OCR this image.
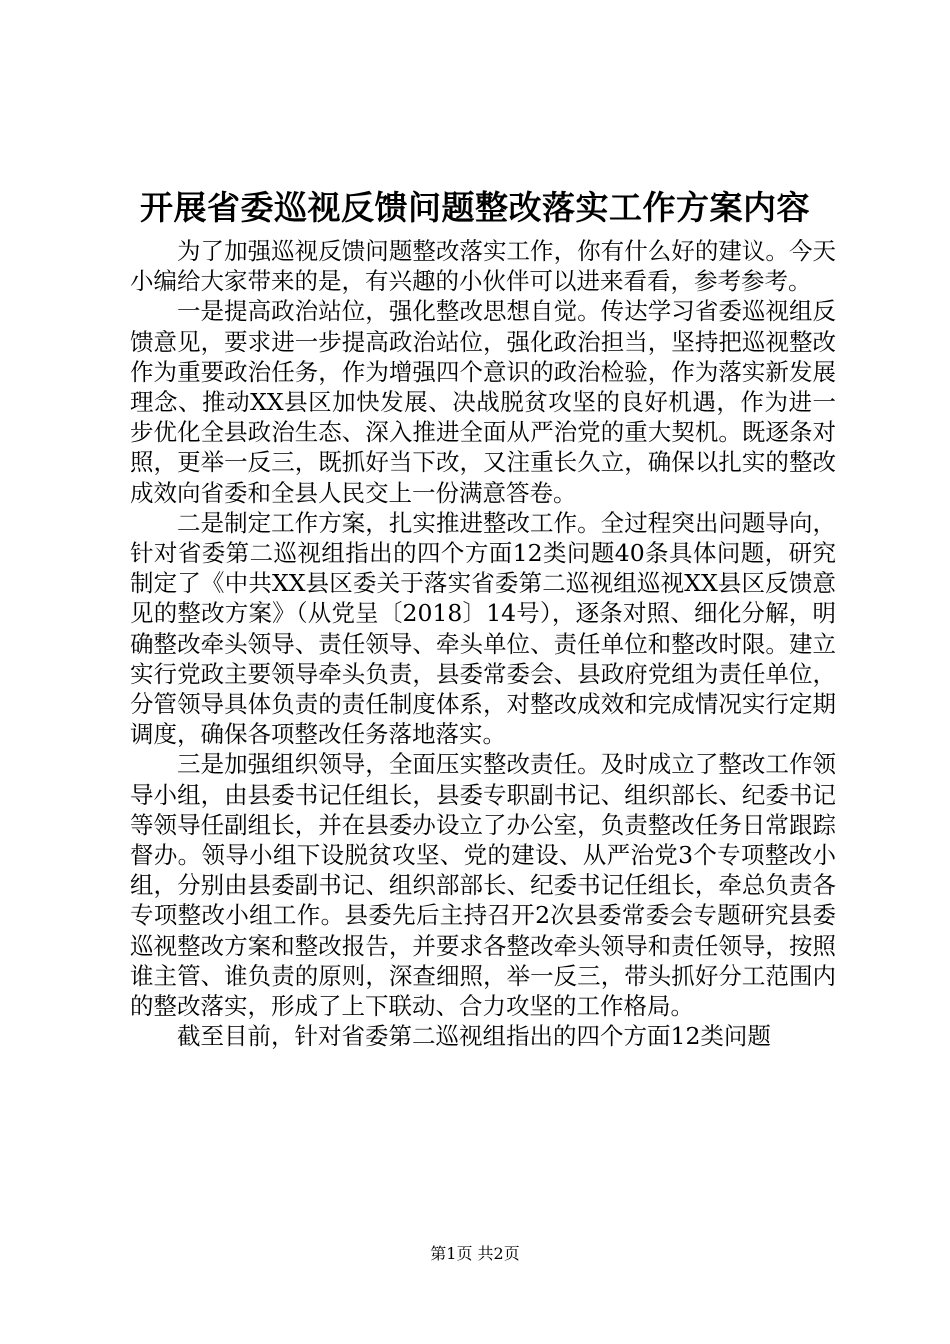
开展省委巡视反馈问题整改落实工作方案内容

为了加强巡视反馈问题整改落实工作，你有什么好的建议。今天小编给大家带来的是，有兴趣的小伙伴可以进来看看，参考参考。

一是提高政治站位，强化整改思想自觉。传达学习省委巡视组反馈意见，要求进一步提高政治站位，强化政治担当，坚持把巡视整改作为重要政治任务，作为增强四个意识的政治检验，作为落实新发展理念、推动XX县区加快发展、决战脱贫攻坚的良好机遇，作为进一步优化全县政治生态、深入推进全面从严治党的重大契机。既逐条对照，更举一反三，既抓好当下改，又注重长久立，确保以扎实的整改成效向省委和全县人民交上一份满意答卷。

二是制定工作方案，扎实推进整改工作。全过程突出问题导向，针对省委第二巡视组指出的四个方面12类问题40条具体问题，研究制定了《中共XX县区委关于落实省委第二巡视组巡视XX县区反馈意见的整改方案》（从党呈〔2018〕14号），逐条对照、细化分解，明确整改牵头领导、责任领导、牵头单位、责任单位和整改时限。建立实行党政主要领导牵头负责，县委常委会、县政府党组为责任单位，分管领导具体负责的责任制度体系，对整改成效和完成情况实行定期调度，确保各项整改任务落地落实。

三是加强组织领导，全面压实整改责任。及时成立了整改工作领导小组，由县委书记任组长，县委专职副书记、组织部长、纪委书记等领导任副组长，并在县委办设立了办公室，负责整改任务日常跟踪督办。领导小组下设脱贫攻坚、党的建设、从严治党3个专项整改小组，分别由县委副书记、组织部部长、纪委书记任组长，牵总负责各专项整改小组工作。县委先后主持召开2次县委常委会专题研究县委巡视整改方案和整改报告，并要求各整改牵头领导和责任领导，按照谁主管、谁负责的原则，深查细照，举一反三，带头抓好分工范围内的整改落实，形成了上下联动、合力攻坚的工作格局。

截至目前，针对省委第二巡视组指出的四个方面12类问题

第1页 共2页
